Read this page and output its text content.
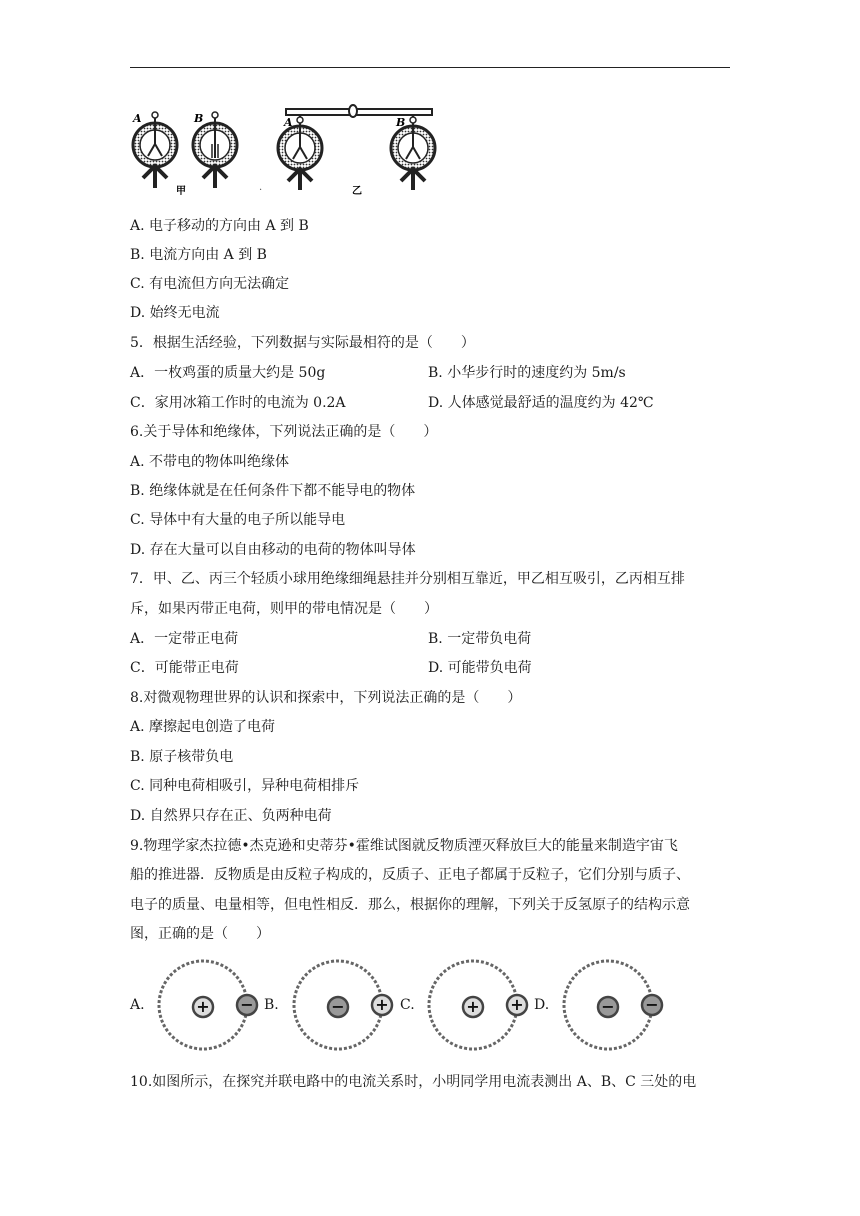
A	B
甲
A	B
乙
.
A. 电子移动的方向由 A 到 B
B. 电流方向由 A 到 B
C. 有电流但方向无法确定
D. 始终无电流
5．根据生活经验，下列数据与实际最相符的是（　　）
A．一枚鸡蛋的质量大约是 50g	B. 小华步行时的速度约为 5m/s
C．家用冰箱工作时的电流为 0.2A	D. 人体感觉最舒适的温度约为 42℃
6.关于导体和绝缘体，下列说法正确的是（　　）
A. 不带电的物体叫绝缘体
B. 绝缘体就是在任何条件下都不能导电的物体
C. 导体中有大量的电子所以能导电
D. 存在大量可以自由移动的电荷的物体叫导体
7．甲、乙、丙三个轻质小球用绝缘细绳悬挂并分别相互靠近，甲乙相互吸引，乙丙相互排
斥，如果丙带正电荷，则甲的带电情况是（　　）
A．一定带正电荷	B. 一定带负电荷
C．可能带正电荷	D. 可能带负电荷
8.对微观物理世界的认识和探索中，下列说法正确的是（　　）
A. 摩擦起电创造了电荷
B. 原子核带负电
C. 同种电荷相吸引，异种电荷相排斥
D. 自然界只存在正、负两种电荷
9.物理学家杰拉德•杰克逊和史蒂芬•霍维试图就反物质湮灭释放巨大的能量来制造宇宙飞
船的推进器．反物质是由反粒子构成的，反质子、正电子都属于反粒子，它们分别与质子、
电子的质量、电量相等，但电性相反．那么，根据你的理解，下列关于反氢原子的结构示意
图，正确的是（　　）
A.	B.	C.	D.
+ −	− +	+ +	− −
10.如图所示，在探究并联电路中的电流关系时，小明同学用电流表测出 A、B、C 三处的电
